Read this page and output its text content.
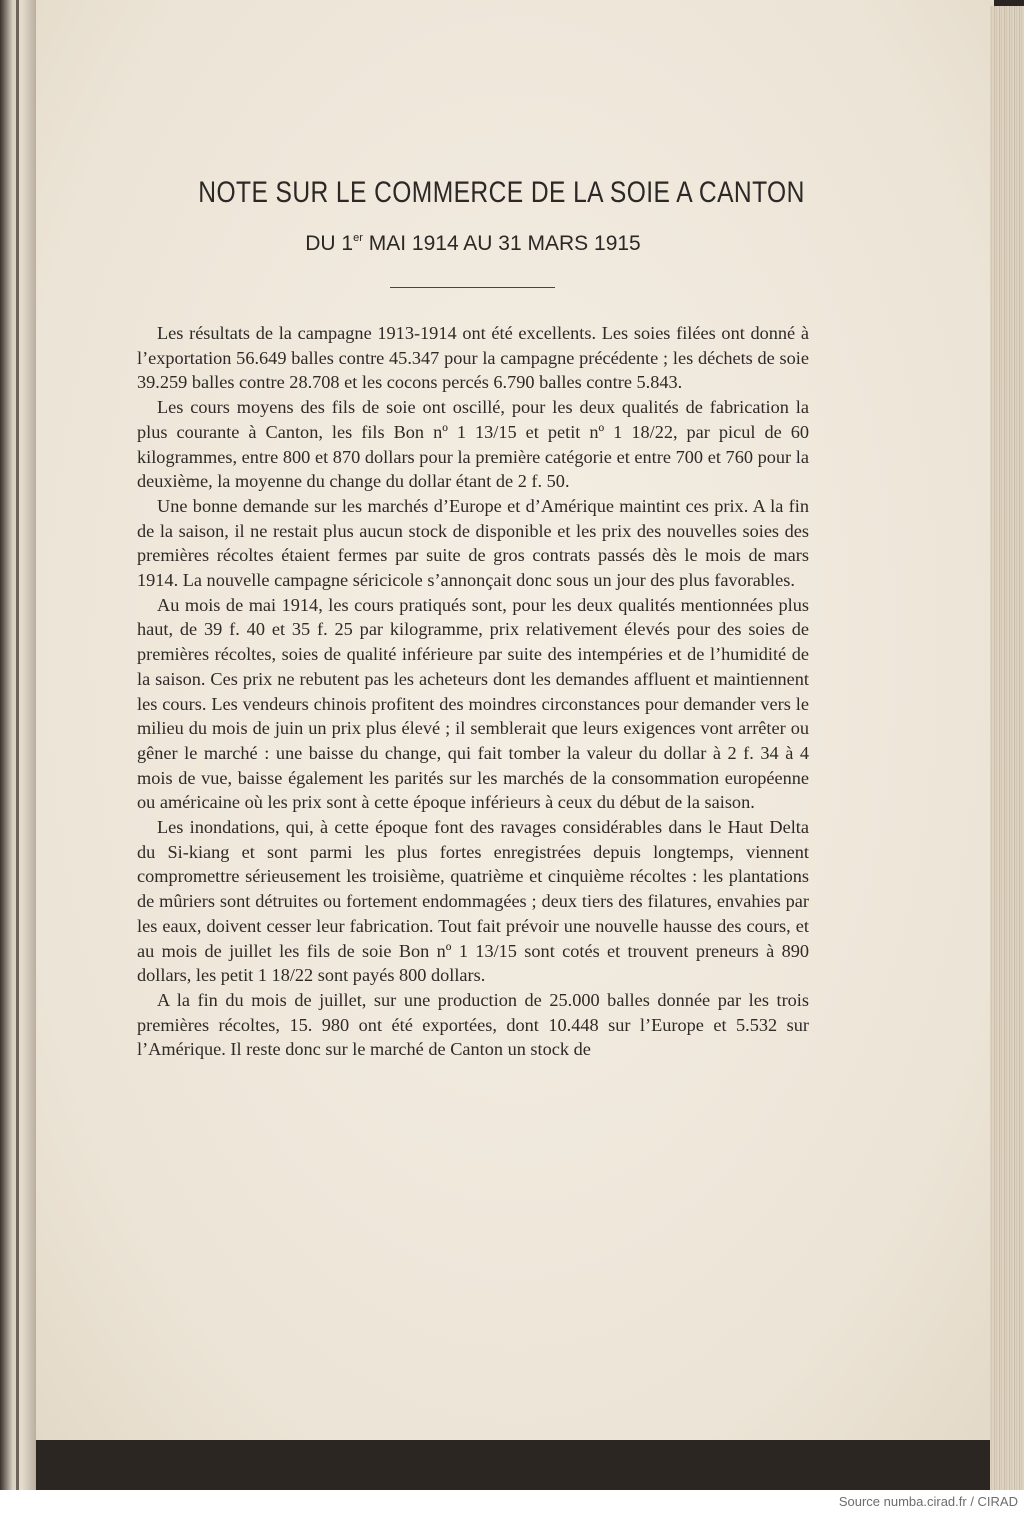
NOTE SUR LE COMMERCE DE LA SOIE A CANTON
DU 1er MAI 1914 AU 31 MARS 1915

Les résultats de la campagne 1913-1914 ont été excellents. Les soies filées ont donné à l’exportation 56.649 balles contre 45.347 pour la campagne précédente ; les déchets de soie 39.259 balles contre 28.708 et les cocons percés 6.790 balles contre 5.843.

Les cours moyens des fils de soie ont oscillé, pour les deux qualités de fabrication la plus courante à Canton, les fils Bon nº 1 13/15 et petit nº 1 18/22, par picul de 60 kilogrammes, entre 800 et 870 dollars pour la première catégorie et entre 700 et 760 pour la deuxième, la moyenne du change du dollar étant de 2 f. 50.

Une bonne demande sur les marchés d’Europe et d’Amérique maintint ces prix. A la fin de la saison, il ne restait plus aucun stock de disponible et les prix des nouvelles soies des premières récoltes étaient fermes par suite de gros contrats passés dès le mois de mars 1914. La nouvelle campagne séricicole s’annonçait donc sous un jour des plus favorables.

Au mois de mai 1914, les cours pratiqués sont, pour les deux qualités mentionnées plus haut, de 39 f. 40 et 35 f. 25 par kilogramme, prix relativement élevés pour des soies de premières récoltes, soies de qualité inférieure par suite des intempéries et de l’humidité de la saison. Ces prix ne rebutent pas les acheteurs dont les demandes affluent et maintiennent les cours. Les vendeurs chinois profitent des moindres circonstances pour demander vers le milieu du mois de juin un prix plus élevé ; il semblerait que leurs exigences vont arrêter ou gêner le marché : une baisse du change, qui fait tomber la valeur du dollar à 2 f. 34 à 4 mois de vue, baisse également les parités sur les marchés de la consommation européenne ou américaine où les prix sont à cette époque inférieurs à ceux du début de la saison.

Les inondations, qui, à cette époque font des ravages considérables dans le Haut Delta du Si-kiang et sont parmi les plus fortes enregistrées depuis longtemps, viennent compromettre sérieusement les troisième, quatrième et cinquième récoltes : les plantations de mûriers sont détruites ou fortement endommagées ; deux tiers des filatures, envahies par les eaux, doivent cesser leur fabrication. Tout fait prévoir une nouvelle hausse des cours, et au mois de juillet les fils de soie Bon nº 1 13/15 sont cotés et trouvent preneurs à 890 dollars, les petit 1 18/22 sont payés 800 dollars.

A la fin du mois de juillet, sur une production de 25.000 balles donnée par les trois premières récoltes, 15. 980 ont été exportées, dont 10.448 sur l’Europe et 5.532 sur l’Amérique. Il reste donc sur le marché de Canton un stock de

Source numba.cirad.fr / CIRAD
